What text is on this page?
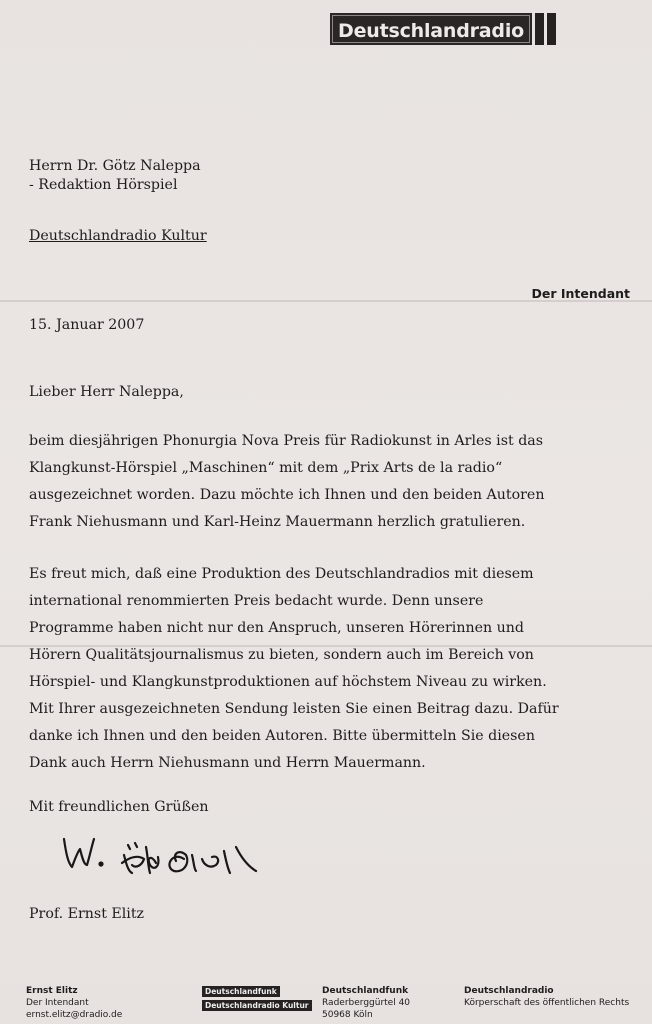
Deutschlandradio
Herrn Dr. Götz Naleppa
- Redaktion Hörspiel
Deutschlandradio Kultur
Der Intendant
15. Januar 2007
Lieber Herr Naleppa,
beim diesjährigen Phonurgia Nova Preis für Radiokunst in Arles ist das
Klangkunst-Hörspiel „Maschinen“ mit dem „Prix Arts de la radio“
ausgezeichnet worden. Dazu möchte ich Ihnen und den beiden Autoren
Frank Niehusmann und Karl-Heinz Mauermann herzlich gratulieren.
Es freut mich, daß eine Produktion des Deutschlandradios mit diesem
international renommierten Preis bedacht wurde. Denn unsere
Programme haben nicht nur den Anspruch, unseren Hörerinnen und
Hörern Qualitätsjournalismus zu bieten, sondern auch im Bereich von
Hörspiel- und Klangkunstproduktionen auf höchstem Niveau zu wirken.
Mit Ihrer ausgezeichneten Sendung leisten Sie einen Beitrag dazu. Dafür
danke ich Ihnen und den beiden Autoren. Bitte übermitteln Sie diesen
Dank auch Herrn Niehusmann und Herrn Mauermann.
Mit freundlichen Grüßen
Prof. Ernst Elitz
Ernst Elitz
Der Intendant
ernst.elitz@dradio.de
Deutschlandfunk
Deutschlandradio Kultur
Deutschlandfunk
Raderberggürtel 40
50968 Köln
Deutschlandradio
Körperschaft des öffentlichen Rechts
